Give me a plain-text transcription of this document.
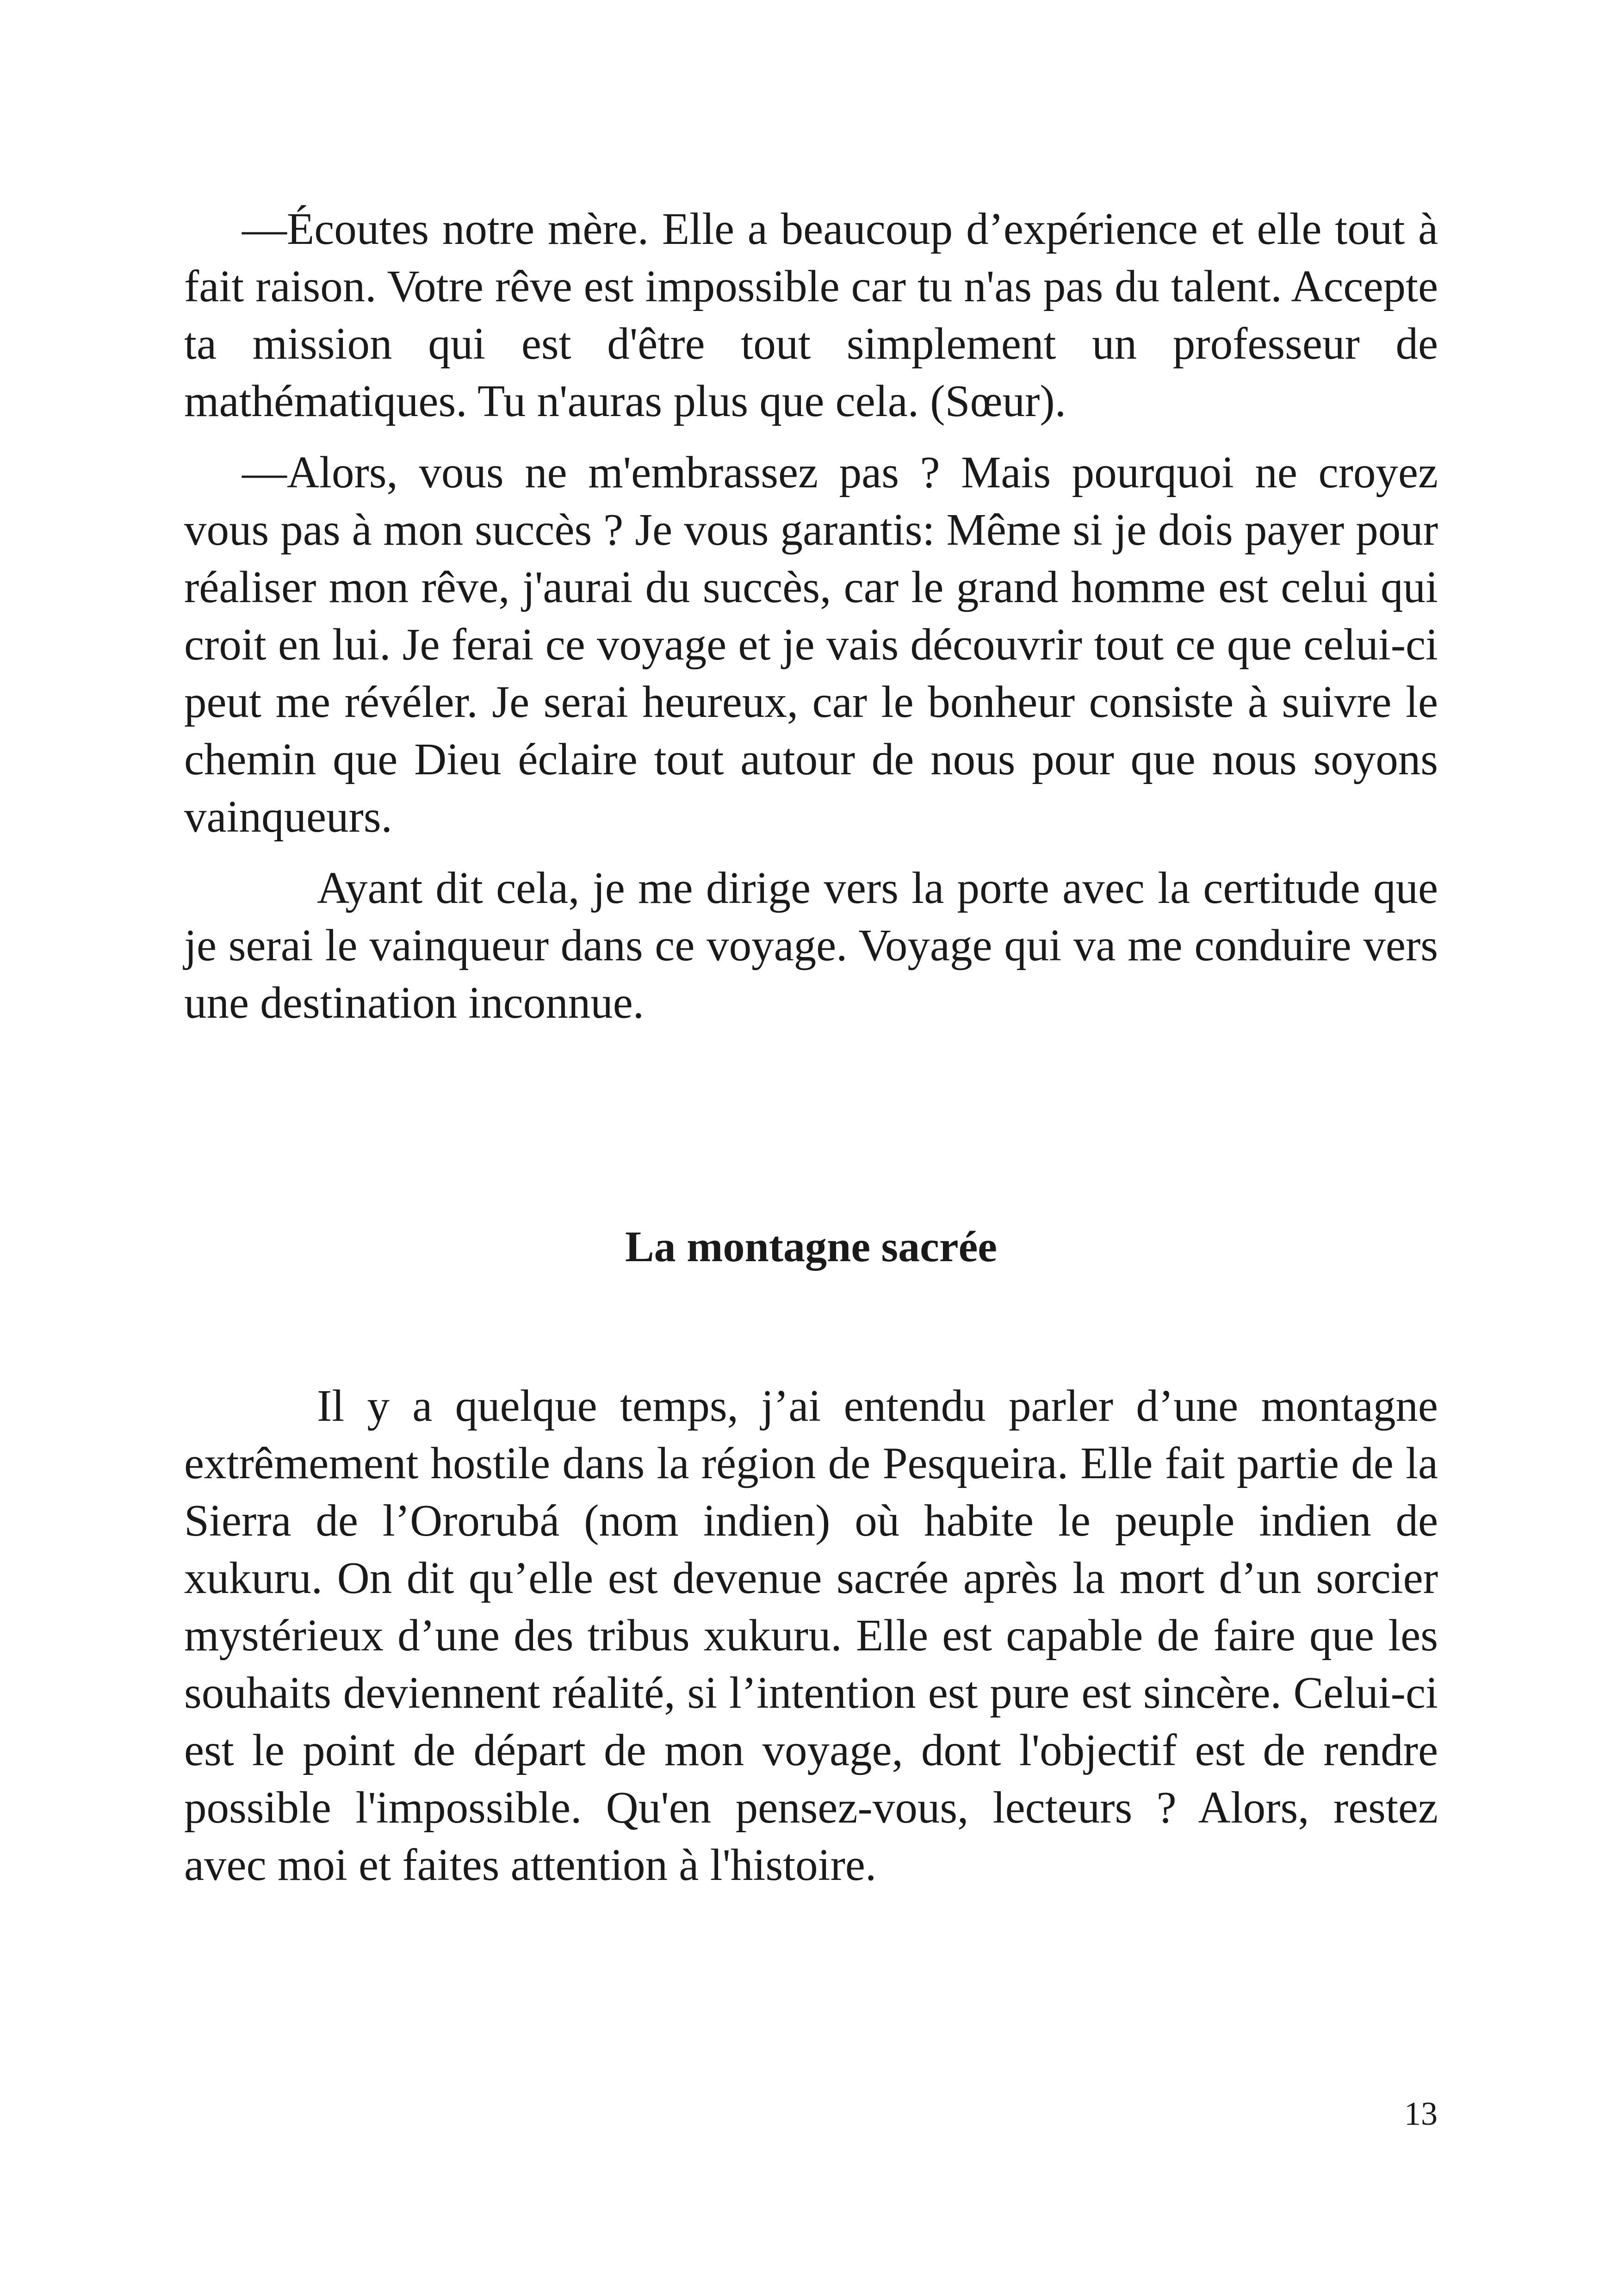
—Écoutes notre mère. Elle a beaucoup d’expérience et elle tout à fait raison. Votre rêve est impossible car tu n'as pas du talent. Accepte ta mission qui est d'être tout simplement un professeur de mathématiques. Tu n'auras plus que cela. (Sœur).

—Alors, vous ne m'embrassez pas ? Mais pourquoi ne croyez vous pas à mon succès ? Je vous garantis: Même si je dois payer pour réaliser mon rêve, j'aurai du succès, car le grand homme est celui qui croit en lui. Je ferai ce voyage et je vais découvrir tout ce que celui-ci peut me révéler. Je serai heureux, car le bonheur consiste à suivre le chemin que Dieu éclaire tout autour de nous pour que nous soyons vainqueurs.

Ayant dit cela, je me dirige vers la porte avec la certitude que je serai le vainqueur dans ce voyage. Voyage qui va me conduire vers une destination inconnue.

La montagne sacrée

Il y a quelque temps, j’ai entendu parler d’une montagne extrêmement hostile dans la région de Pesqueira. Elle fait partie de la Sierra de l’Ororubá (nom indien) où habite le peuple indien de xukuru. On dit qu’elle est devenue sacrée après la mort d’un sorcier mystérieux d’une des tribus xukuru. Elle est capable de faire que les souhaits deviennent réalité, si l’intention est pure est sincère. Celui-ci est le point de départ de mon voyage, dont l'objectif est de rendre possible l'impossible. Qu'en pensez-vous, lecteurs ? Alors, restez avec moi et faites attention à l'histoire.

13
